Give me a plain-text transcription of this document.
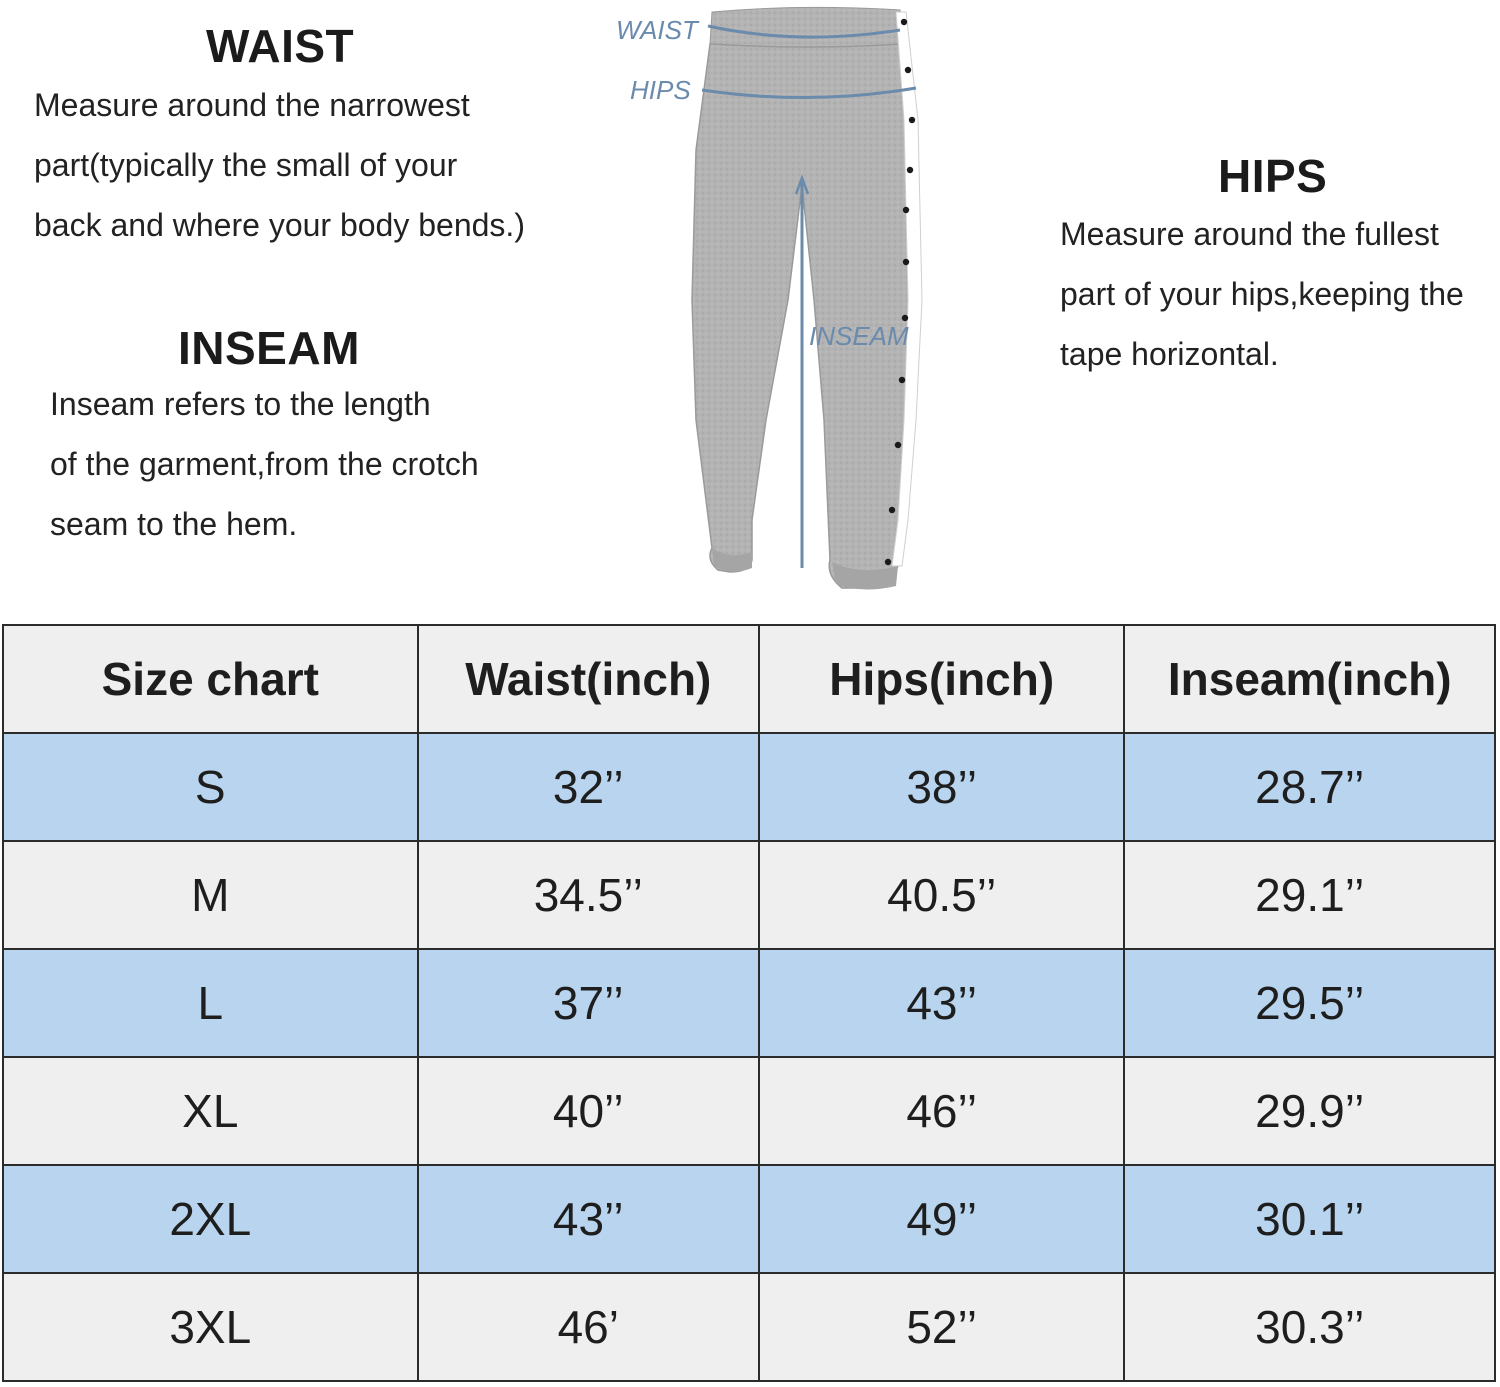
WAIST
Measure around the narrowest
part(typically the small of your
back and where your body bends.)
INSEAM
Inseam refers to the length
of the garment,from the crotch
seam to the hem.
HIPS
Measure around the fullest
part of your hips,keeping the
tape horizontal.
WAIST
HIPS
INSEAM
Size chart	Waist(inch)	Hips(inch)	Inseam(inch)
S	32’’	38’’	28.7’’
M	34.5’’	40.5’’	29.1’’
L	37’’	43’’	29.5’’
XL	40’’	46’’	29.9’’
2XL	43’’	49’’	30.1’’
3XL	46’	52’’	30.3’’
